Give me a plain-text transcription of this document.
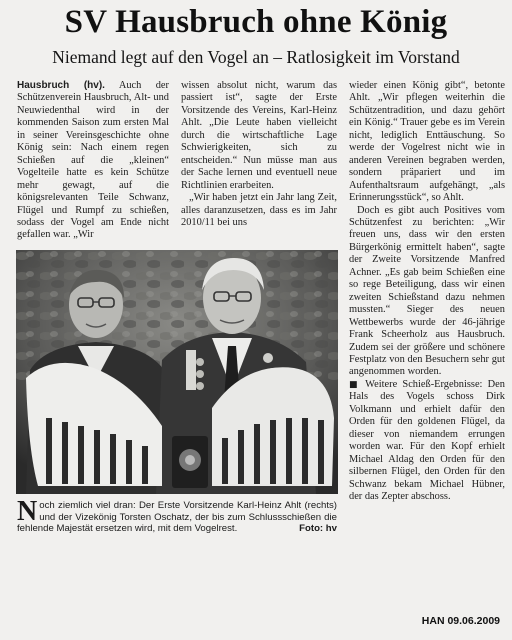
SV Hausbruch ohne König
Niemand legt auf den Vogel an – Ratlosigkeit im Vorstand

Hausbruch (hv). Auch der Schützenverein Hausbruch, Alt- und Neuwiedenthal wird in der kommenden Saison zum ersten Mal in seiner Vereinsgeschichte ohne König sein: Nach einem regen Schießen auf die „kleinen“ Vogelteile hatte es kein Schütze mehr gewagt, auf die königsrelevanten Teile Schwanz, Flügel und Rumpf zu schießen, sodass der Vogel am Ende nicht gefallen war. „Wir

wissen absolut nicht, warum das passiert ist“, sagte der Erste Vorsitzende des Vereins, Karl-Heinz Ahlt. „Die Leute haben vielleicht durch die wirtschaftliche Lage Schwierigkeiten, sich zu entscheiden.“ Nun müsse man aus der Sache lernen und eventuell neue Richtlinien erarbeiten.

„Wir haben jetzt ein Jahr lang Zeit, alles daranzusetzen, dass es im Jahr 2010/11 bei uns

wieder einen König gibt“, betonte Ahlt. „Wir pflegen weiterhin die Schützentradition, und dazu gehört ein König.“ Trauer gebe es im Verein nicht, lediglich Enttäuschung. So werde der Vogelrest nicht wie in anderen Vereinen begraben werden, sondern präpariert und im Aufenthaltsraum aufgehängt, „als Erinnerungsstück“, so Ahlt.

Doch es gibt auch Positives vom Schützenfest zu berichten: „Wir freuen uns, dass wir den ersten Bürgerkönig ermittelt haben“, sagte der Zweite Vorsitzende Manfred Achner. „Es gab beim Schießen eine so rege Beteiligung, dass wir einen zweiten Schießstand dazu nehmen mussten.“ Sieger des neuen Wettbewerbs wurde der 46-jährige Frank Scheerholz aus Hausbruch. Zudem sei der größere und schönere Festplatz von den Besuchern sehr gut angenommen worden.

■ Weitere Schieß-Ergebnisse: Den Hals des Vogels schoss Dirk Volkmann und erhielt dafür den Orden für den goldenen Flügel, da dieser von niemandem errungen worden war. Für den Kopf erhielt Michael Aldag den Orden für den silbernen Flügel, den Orden für den Schwanz bekam Michael Hübner, der das Zepter abschoss.

Noch ziemlich viel dran: Der Erste Vorsitzende Karl-Heinz Ahlt (rechts) und der Vizekönig Torsten Oschatz, der bis zum Schlussschießen die fehlende Majestät ersetzen wird, mit dem Vogelrest.	Foto: hv
HAN 09.06.2009
